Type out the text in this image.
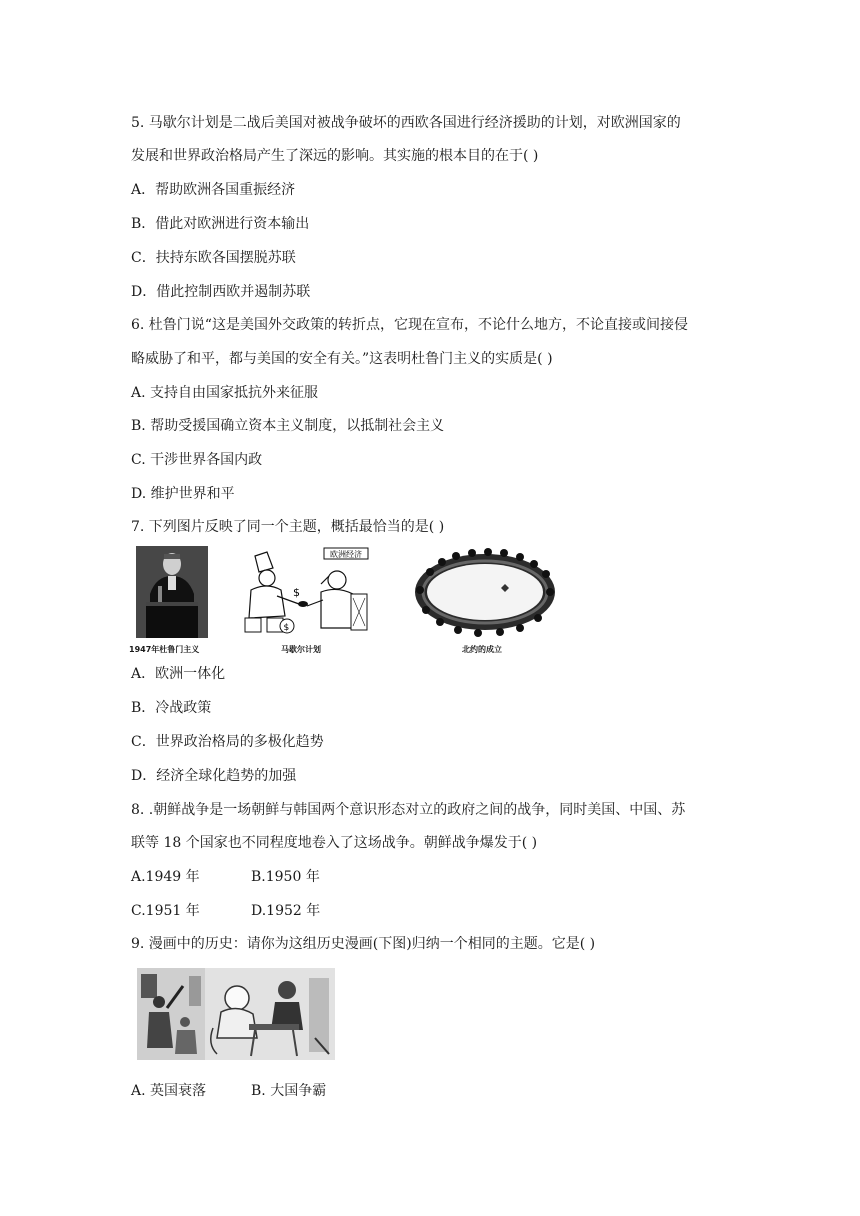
5. 马歇尔计划是二战后美国对被战争破坏的西欧各国进行经济援助的计划，对欧洲国家的
发展和世界政治格局产生了深远的影响。其实施的根本目的在于( )
A．帮助欧洲各国重振经济
B．借此对欧洲进行资本输出
C．扶持东欧各国摆脱苏联
D．借此控制西欧并遏制苏联
6. 杜鲁门说“这是美国外交政策的转折点，它现在宣布，不论什么地方，不论直接或间接侵
略威胁了和平，都与美国的安全有关。”这表明杜鲁门主义的实质是( )
A. 支持自由国家抵抗外来征服
B. 帮助受援国确立资本主义制度，以抵制社会主义
C. 干涉世界各国内政
D. 维护世界和平
7. 下列图片反映了同一个主题，概括最恰当的是( )
欧洲经济
$
$
1947年杜鲁门主义	马歇尔计划	北约的成立
A．欧洲一体化
B．冷战政策
C．世界政治格局的多极化趋势
D．经济全球化趋势的加强
8. .朝鲜战争是一场朝鲜与韩国两个意识形态对立的政府之间的战争，同时美国、中国、苏
联等 18 个国家也不同程度地卷入了这场战争。朝鲜战争爆发于( )
A.1949 年	B.1950 年
C.1951 年	D.1952 年
9. 漫画中的历史：请你为这组历史漫画(下图)归纳一个相同的主题。它是( )
A. 英国衰落	B. 大国争霸
